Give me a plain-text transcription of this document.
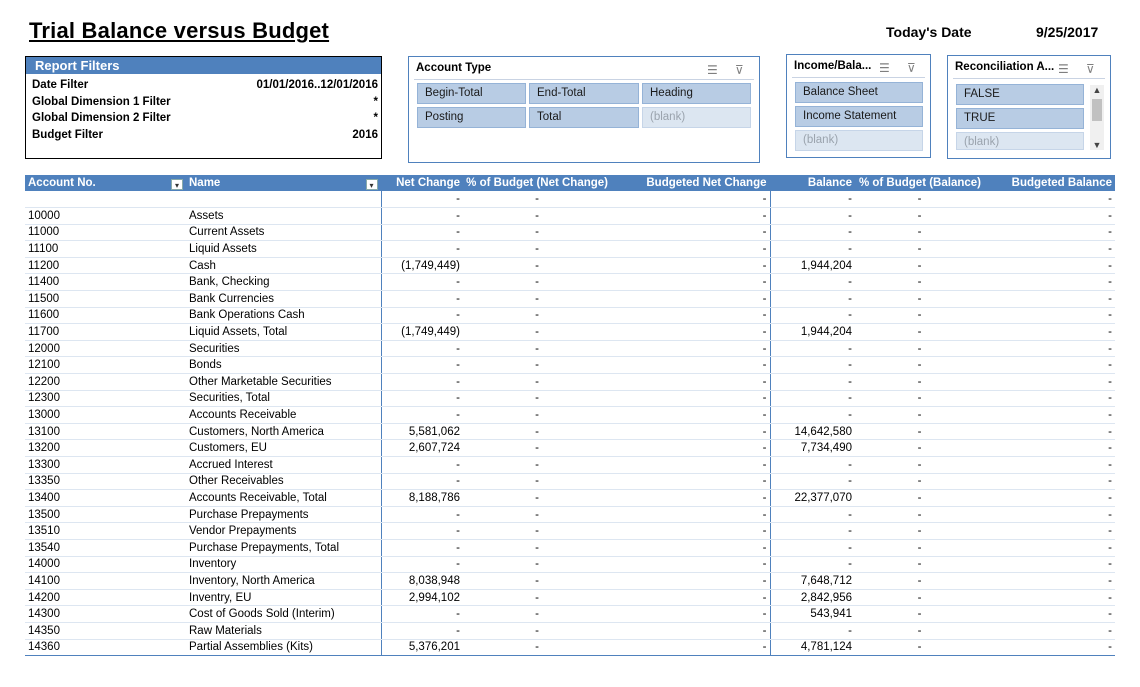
Trial Balance versus Budget	Today's Date	9/25/2017
Report Filters
Date Filter	01/01/2016..12/01/2016
Global Dimension 1 Filter	*
Global Dimension 2 Filter	*
Budget Filter	2016
Account Type	☰ ⊽
Begin-Total	End-Total	Heading
Posting	Total	(blank)
Income/Bala... ☰ ⊽
Balance Sheet
Income Statement
(blank)
Reconciliation A... ☰ ⊽
FALSE
TRUE
(blank)
▲
▼
Account No. ▾	Name ▾	Net Change	% of Budget (Net Change)	Budgeted Net Change	Balance	% of Budget (Balance)	Budgeted Balance
		-	-	-	-	-	-
10000	Assets	-	-	-	-	-	-
11000	Current Assets	-	-	-	-	-	-
11100	Liquid Assets	-	-	-	-	-	-
11200	Cash	(1,749,449)	-	-	1,944,204	-	-
11400	Bank, Checking	-	-	-	-	-	-
11500	Bank Currencies	-	-	-	-	-	-
11600	Bank Operations Cash	-	-	-	-	-	-
11700	Liquid Assets, Total	(1,749,449)	-	-	1,944,204	-	-
12000	Securities	-	-	-	-	-	-
12100	Bonds	-	-	-	-	-	-
12200	Other Marketable Securities	-	-	-	-	-	-
12300	Securities, Total	-	-	-	-	-	-
13000	Accounts Receivable	-	-	-	-	-	-
13100	Customers, North America	5,581,062	-	-	14,642,580	-	-
13200	Customers, EU	2,607,724	-	-	7,734,490	-	-
13300	Accrued Interest	-	-	-	-	-	-
13350	Other Receivables	-	-	-	-	-	-
13400	Accounts Receivable, Total	8,188,786	-	-	22,377,070	-	-
13500	Purchase Prepayments	-	-	-	-	-	-
13510	Vendor Prepayments	-	-	-	-	-	-
13540	Purchase Prepayments, Total	-	-	-	-	-	-
14000	Inventory	-	-	-	-	-	-
14100	Inventory, North America	8,038,948	-	-	7,648,712	-	-
14200	Inventry, EU	2,994,102	-	-	2,842,956	-	-
14300	Cost of Goods Sold (Interim)	-	-	-	543,941	-	-
14350	Raw Materials	-	-	-	-	-	-
14360	Partial Assemblies (Kits)	5,376,201	-	-	4,781,124	-	-
